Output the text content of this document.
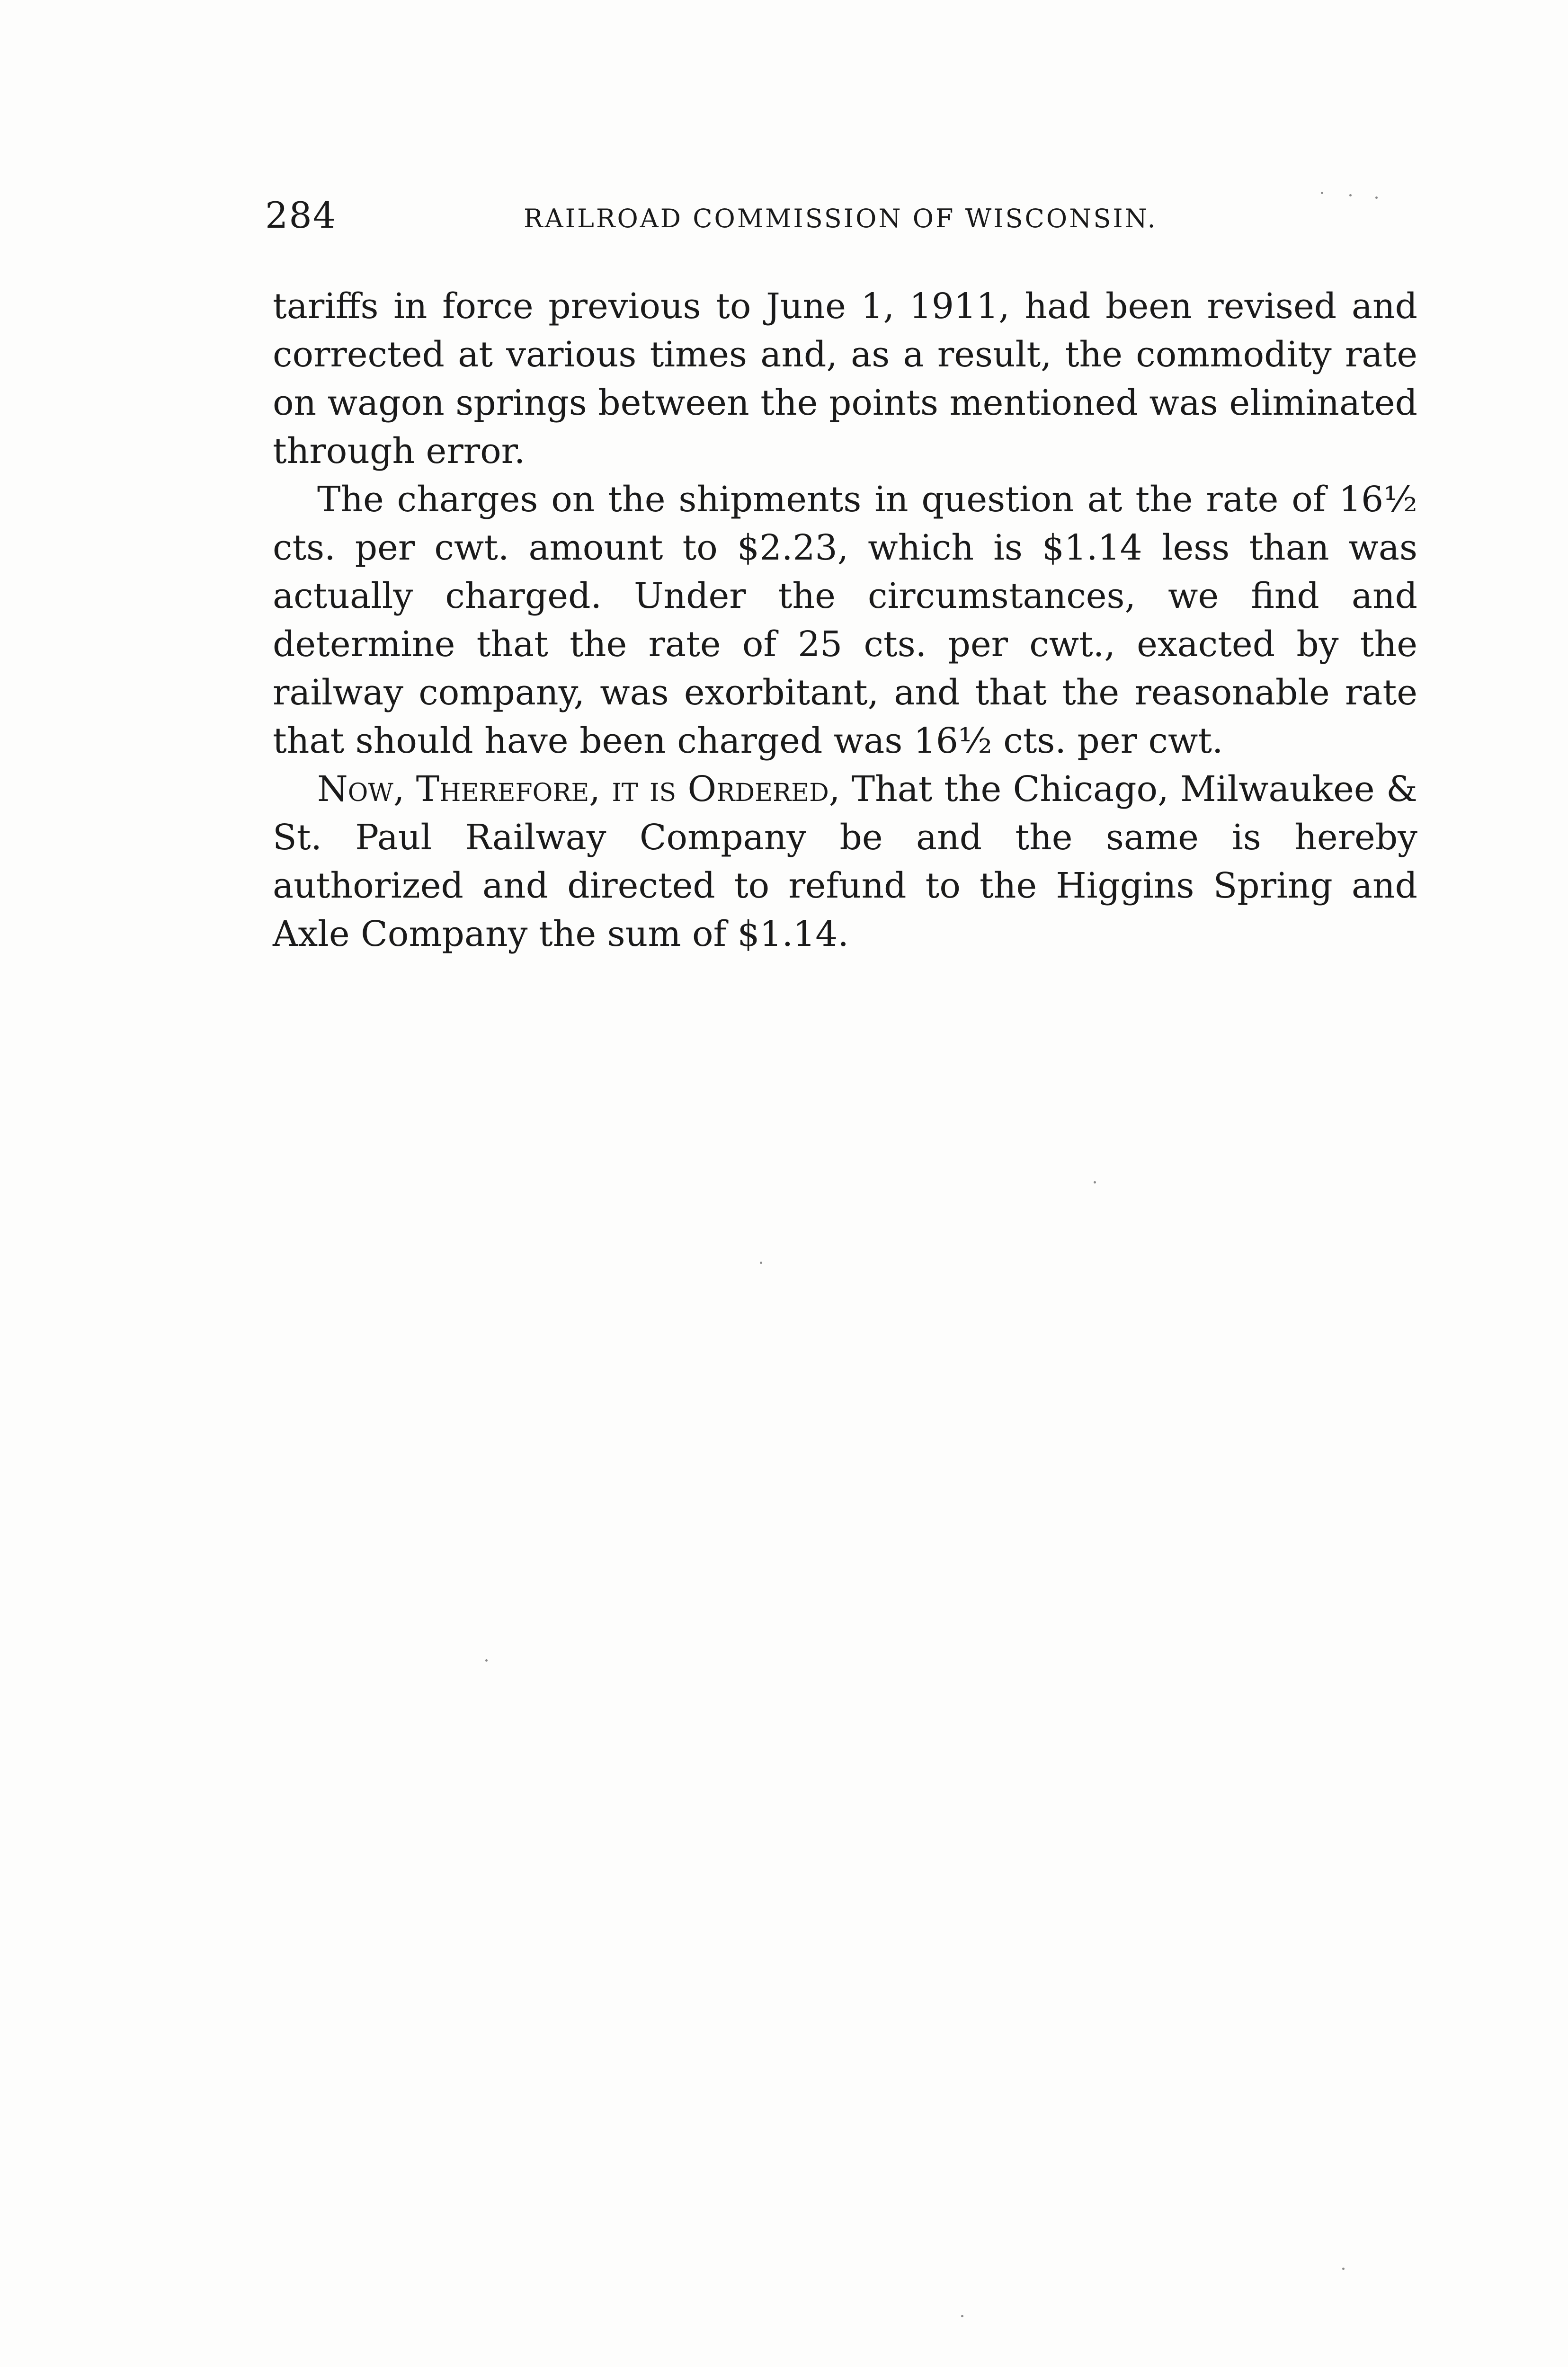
284	RAILROAD COMMISSION OF WISCONSIN.

tariffs in force previous to June 1, 1911, had been revised and corrected at various times and, as a result, the commodity rate on wagon springs between the points mentioned was eliminated through error.

The charges on the shipments in question at the rate of 16½ cts. per cwt. amount to $2.23, which is $1.14 less than was actually charged. Under the circumstances, we find and determine that the rate of 25 cts. per cwt., exacted by the railway company, was exorbitant, and that the reasonable rate that should have been charged was 16½ cts. per cwt.

Now, Therefore, it is Ordered, That the Chicago, Milwaukee & St. Paul Railway Company be and the same is hereby authorized and directed to refund to the Higgins Spring and Axle Company the sum of $1.14.
